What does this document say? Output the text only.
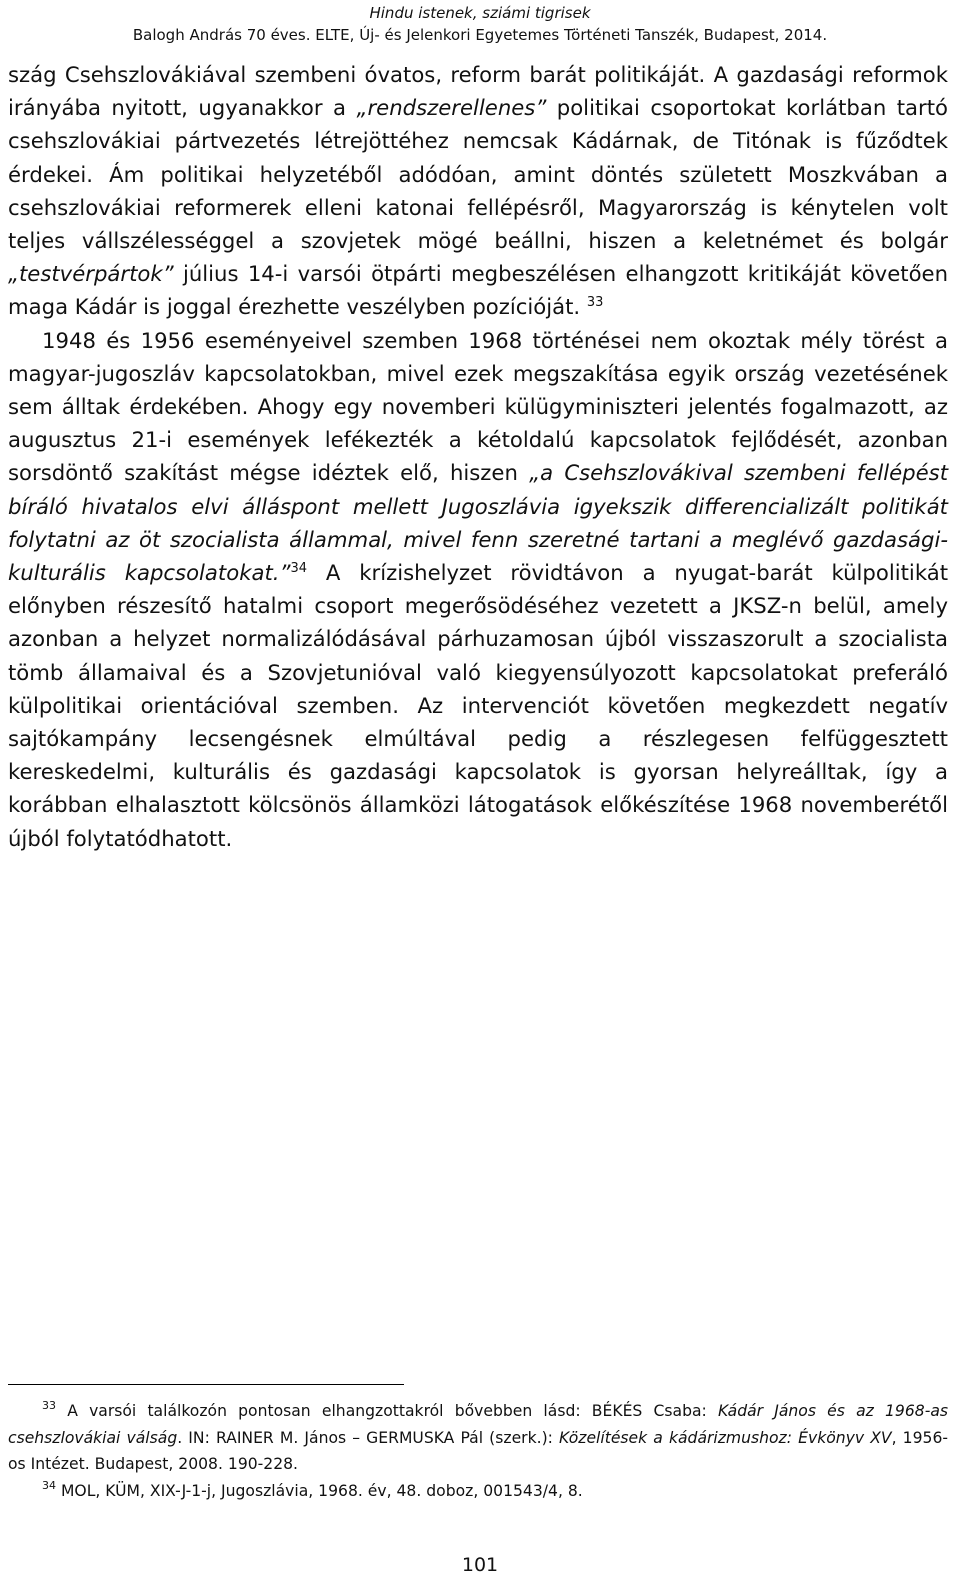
Hindu istenek, sziámi tigrisek
Balogh András 70 éves. ELTE, Új- és Jelenkori Egyetemes Történeti Tanszék, Budapest, 2014.

szág Csehszlovákiával szembeni óvatos, reform barát politikáját. A gazdasági reformok irányába nyitott, ugyanakkor a „rendszerellenes” politikai csoportokat korlátban tartó csehszlovákiai pártvezetés létrejöttéhez nemcsak Kádárnak, de Titónak is fűződtek érdekei. Ám politikai helyzetéből adódóan, amint döntés született Moszkvában a csehszlovákiai reformerek elleni katonai fellépésről, Magyarország is kénytelen volt teljes vállszélességgel a szovjetek mögé beállni, hiszen a keletnémet és bolgár „testvérpártok” július 14-i varsói ötpárti megbeszélésen elhangzott kritikáját követően maga Kádár is joggal érezhette veszélyben pozícióját. $^{33}$

1948 és 1956 eseményeivel szemben 1968 történései nem okoztak mély törést a magyar-jugoszláv kapcsolatokban, mivel ezek megszakítása egyik ország vezetésének sem álltak érdekében. Ahogy egy novemberi külügyminiszteri jelentés fogalmazott, az augusztus 21-i események lefékezték a kétoldalú kapcsolatok fejlődését, azonban sorsdöntő szakítást mégse idéztek elő, hiszen „a Csehszlovákival szembeni fellépést bíráló hivatalos elvi álláspont mellett Jugoszlávia igyekszik differencializált politikát folytatni az öt szocialista állammal, mivel fenn szeretné tartani a meglévő gazdasági-kulturális kapcsolatokat.”$^{34}$ A krízishelyzet rövidtávon a nyugat-barát külpolitikát előnyben részesítő hatalmi csoport megerősödéséhez vezetett a JKSZ-n belül, amely azonban a helyzet normalizálódásával párhuzamosan újból visszaszorult a szocialista tömb államaival és a Szovjetunióval való kiegyensúlyozott kapcsolatokat preferáló külpolitikai orientációval szemben. Az intervenciót követően megkezdett negatív sajtókampány lecsengésnek elmúltával pedig a részlegesen felfüggesztett kereskedelmi, kulturális és gazdasági kapcsolatok is gyorsan helyreálltak, így a korábban elhalasztott kölcsönös államközi látogatások előkészítése 1968 novemberétől újból folytatódhatott.

$^{33}$ A varsói találkozón pontosan elhangzottakról bővebben lásd: BÉKÉS Csaba: Kádár János és az 1968-as csehszlovákiai válság. IN: RAINER M. János – GERMUSKA Pál (szerk.): Közelítések a kádárizmushoz: Évkönyv XV, 1956-os Intézet. Budapest, 2008. 190-228.

$^{34}$ MOL, KÜM, XIX-J-1-j, Jugoszlávia, 1968. év, 48. doboz, 001543/4, 8.

101
